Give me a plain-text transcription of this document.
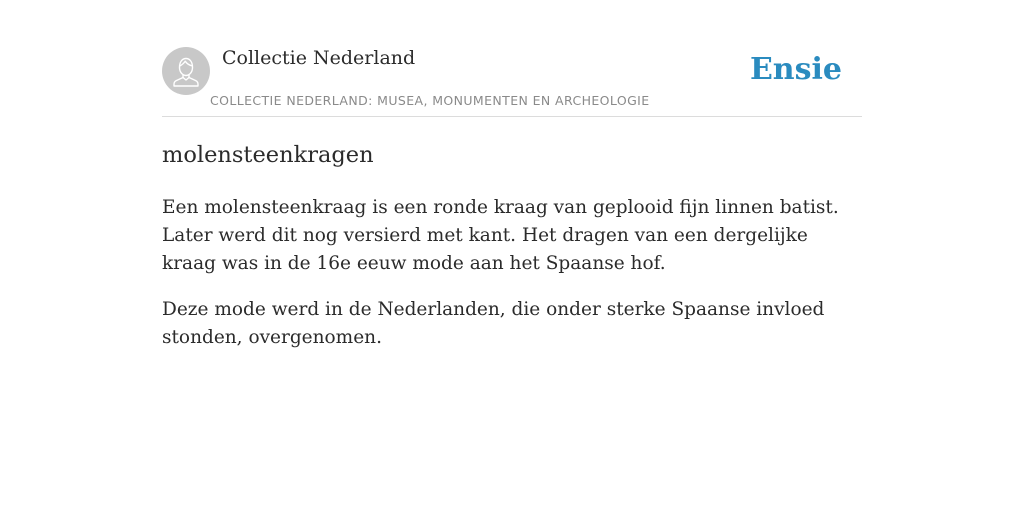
Collectie Nederland
COLLECTIE NEDERLAND: MUSEA, MONUMENTEN EN ARCHEOLOGIE
Ensie
molensteenkragen

Een molensteenkraag is een ronde kraag van geplooid fijn linnen batist. Later werd dit nog versierd met kant. Het dragen van een dergelijke kraag was in de 16e eeuw mode aan het Spaanse hof.

Deze mode werd in de Nederlanden, die onder sterke Spaanse invloed stonden, overgenomen.
